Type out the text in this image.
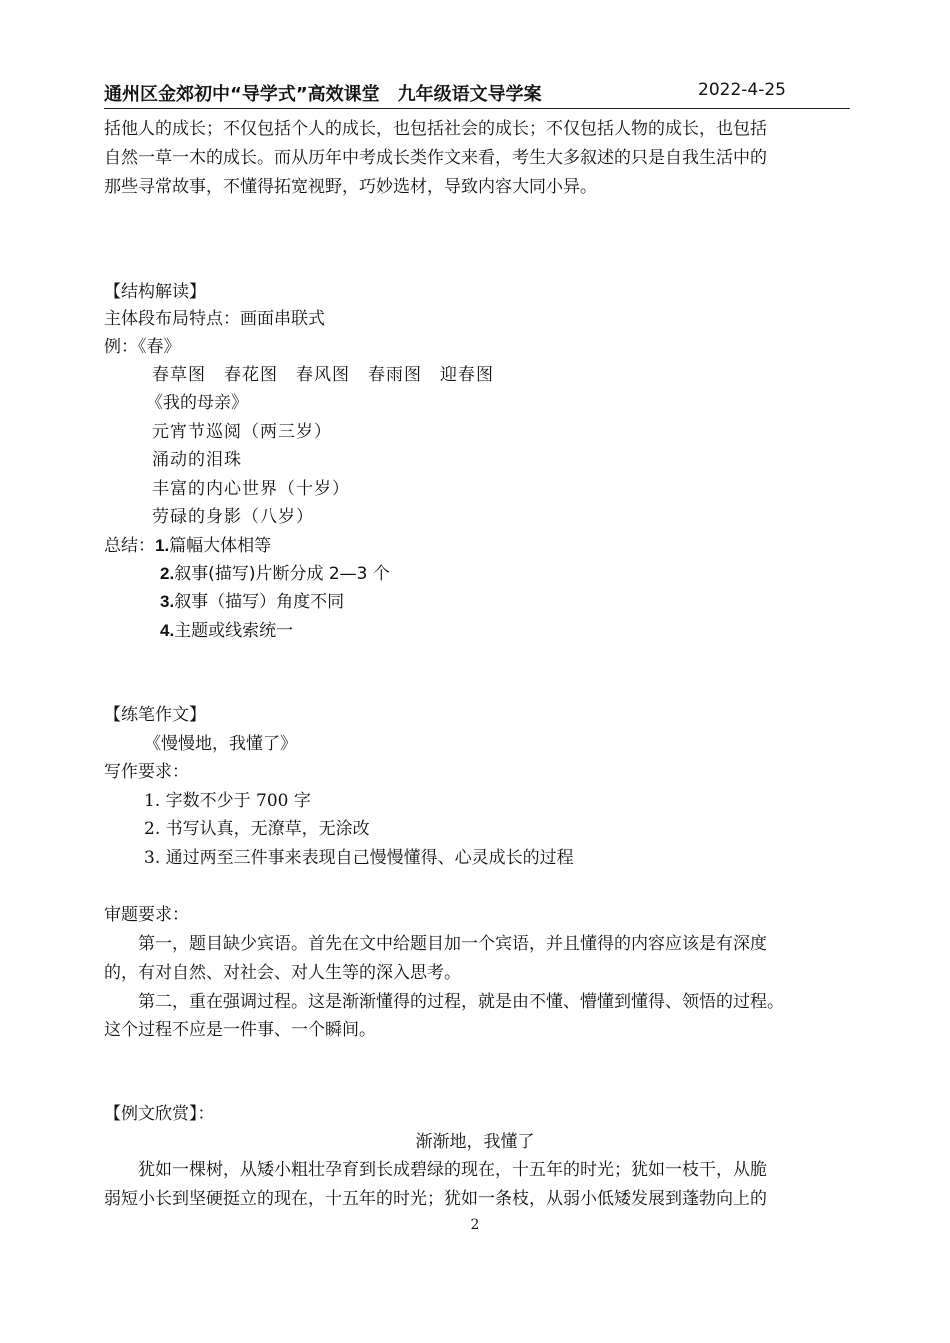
通州区金郊初中“导学式”高效课堂　九年级语文导学案	2022-4-25
括他人的成长；不仅包括个人的成长，也包括社会的成长；不仅包括人物的成长，也包括
自然一草一木的成长。而从历年中考成长类作文来看，考生大多叙述的只是自我生活中的
那些寻常故事，不懂得拓宽视野，巧妙选材，导致内容大同小异。
【结构解读】
主体段布局特点：画面串联式
例：《春》
春草图　春花图　春风图　春雨图　迎春图
《我的母亲》
元宵节巡阅（两三岁）
涌动的泪珠
丰富的内心世界（十岁）
劳碌的身影（八岁）
总结：1.篇幅大体相等
2.叙事(描写)片断分成 2—3 个
3.叙事（描写）角度不同
4.主题或线索统一
【练笔作文】
《慢慢地，我懂了》
写作要求：
1. 字数不少于 700 字
2. 书写认真，无潦草，无涂改
3. 通过两至三件事来表现自己慢慢懂得、心灵成长的过程
审题要求：
　　第一，题目缺少宾语。首先在文中给题目加一个宾语，并且懂得的内容应该是有深度
的，有对自然、对社会、对人生等的深入思考。
　　第二，重在强调过程。这是渐渐懂得的过程，就是由不懂、懵懂到懂得、领悟的过程。
这个过程不应是一件事、一个瞬间。
【例文欣赏】：
渐渐地，我懂了
　　犹如一棵树，从矮小粗壮孕育到长成碧绿的现在，十五年的时光；犹如一枝干，从脆
弱短小长到坚硬挺立的现在，十五年的时光；犹如一条枝，从弱小低矮发展到蓬勃向上的
2
